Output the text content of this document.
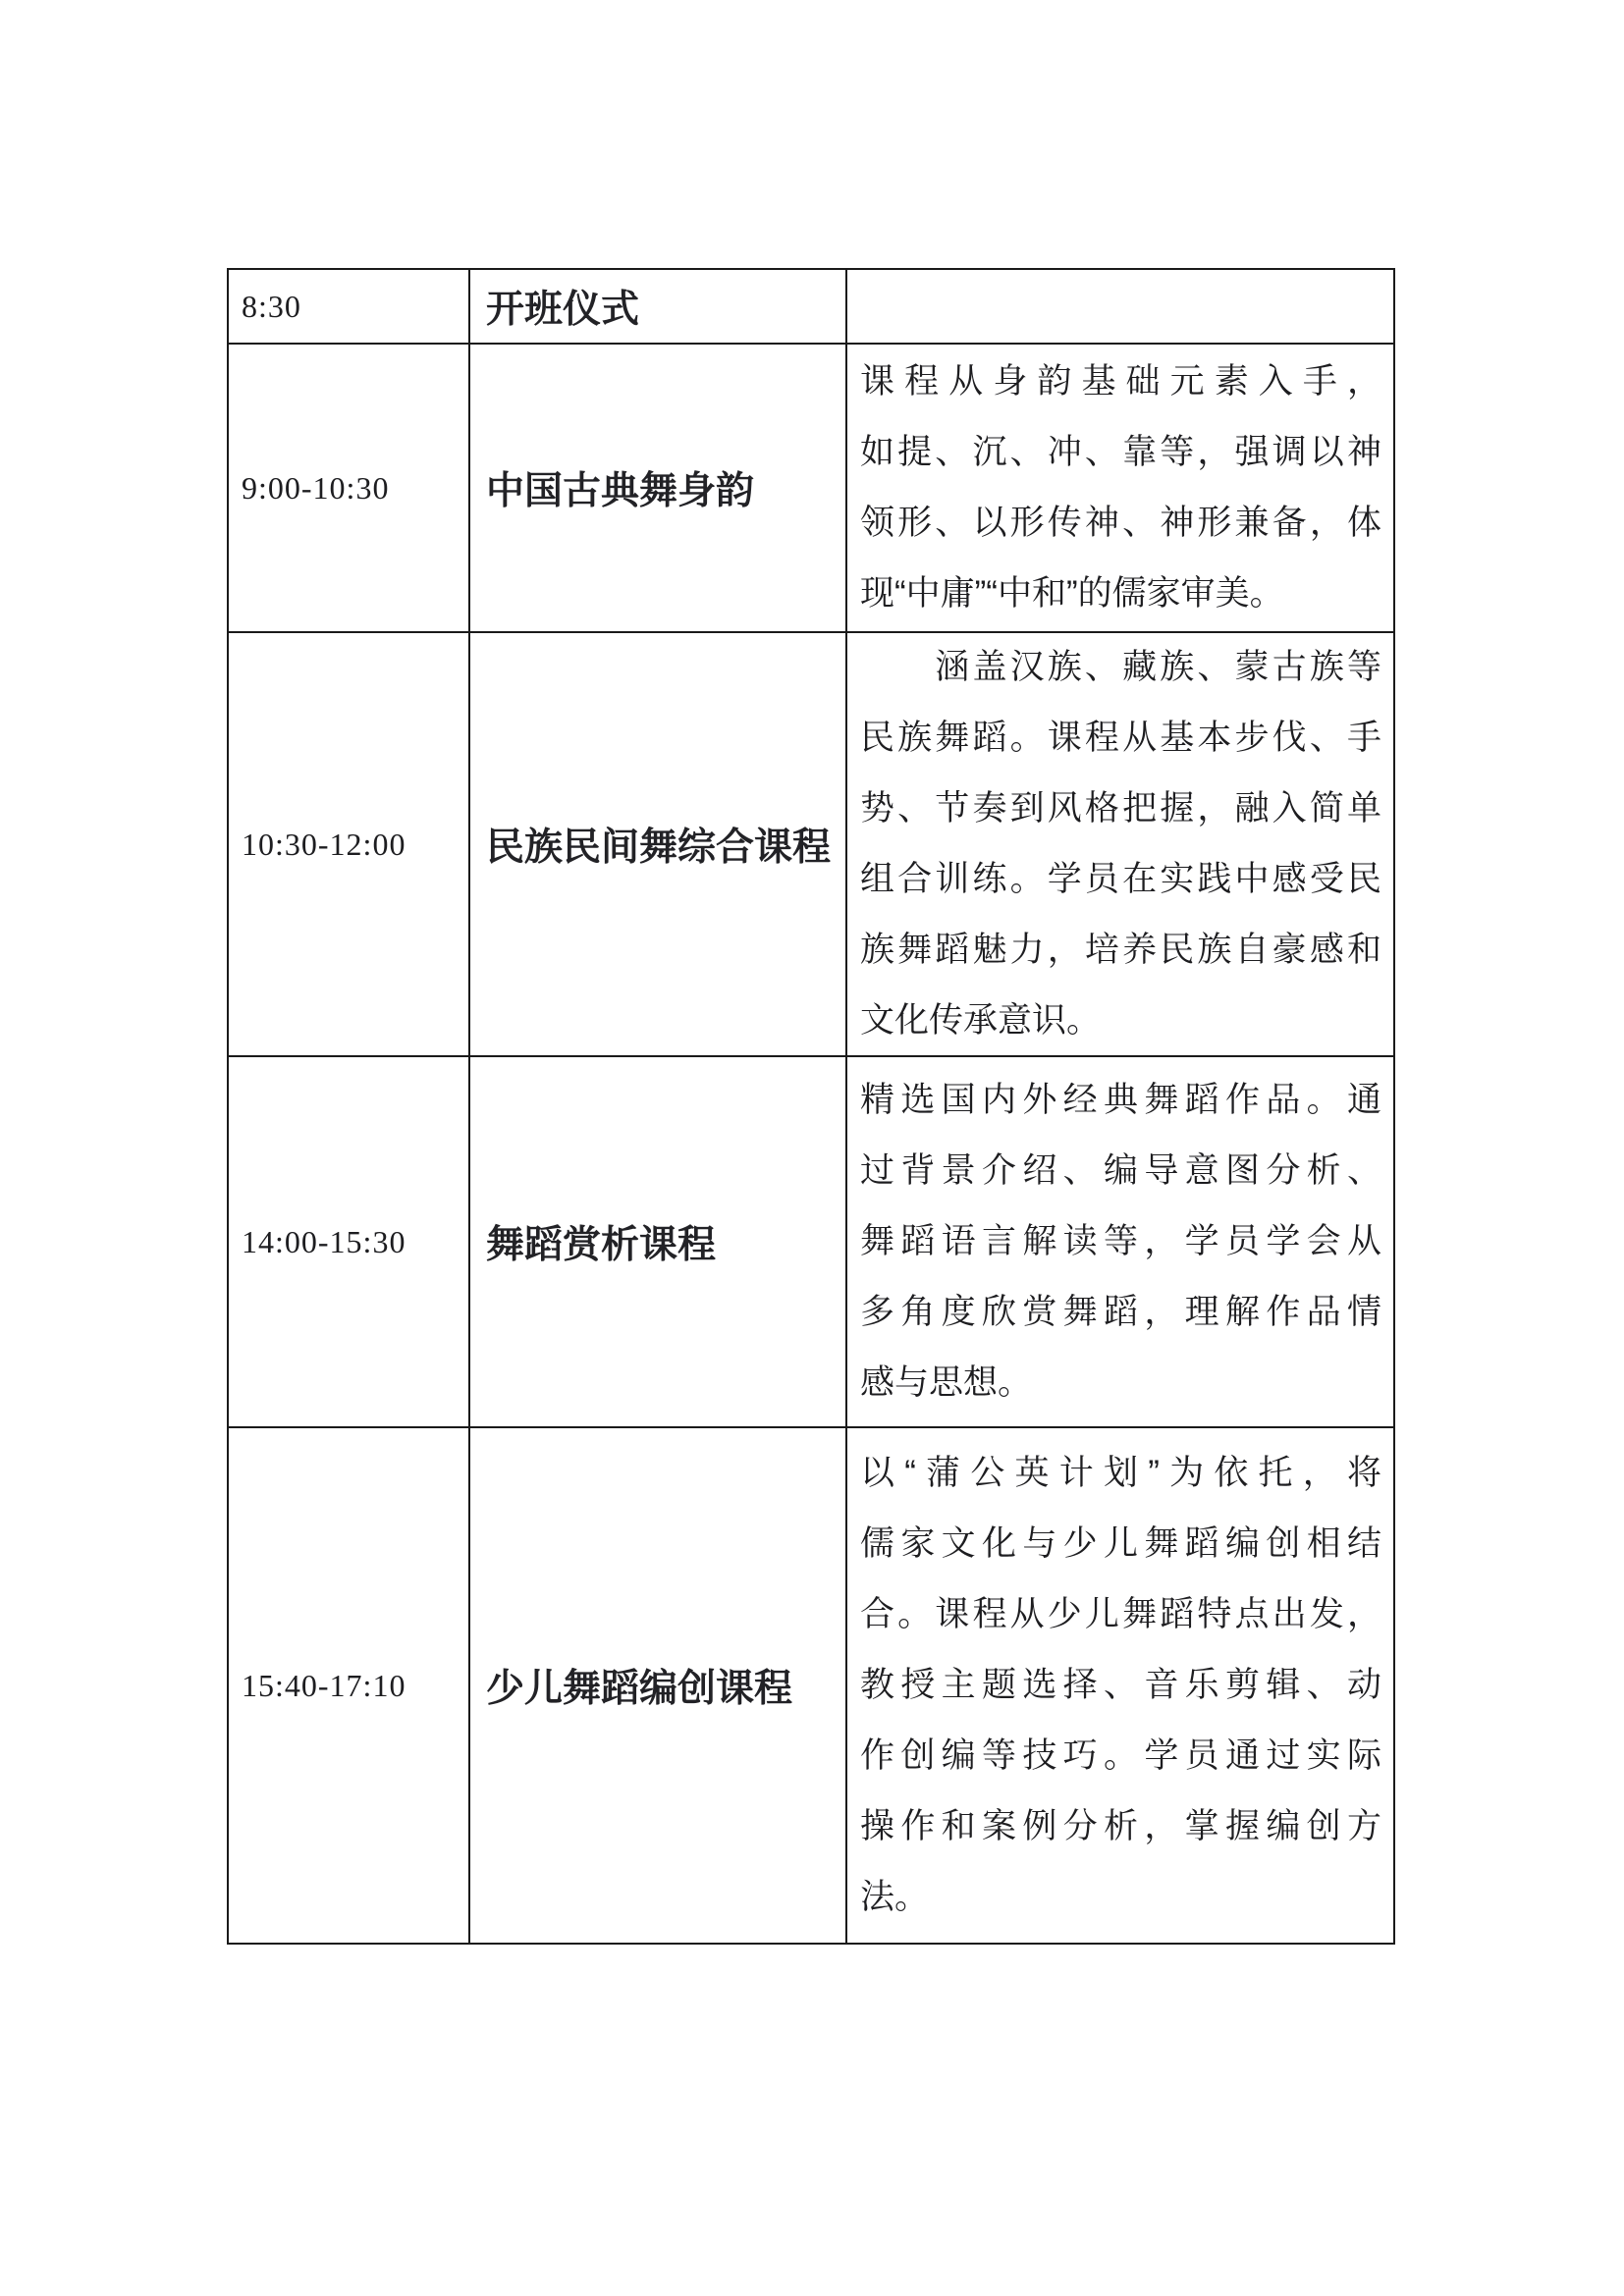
8:30	开班仪式
9:00-10:30	中国古典舞身韵
课程从身韵基础元素入手，
如提、沉、冲、靠等，强调以神
领形、以形传神、神形兼备，体
现“中庸”“中和”的儒家审美。
10:30-12:00 民族民间舞综合课程
　　涵盖汉族、藏族、蒙古族等
民族舞蹈。课程从基本步伐、手
势、节奏到风格把握，融入简单
组合训练。学员在实践中感受民
族舞蹈魅力，培养民族自豪感和
文化传承意识。
14:00-15:30 舞蹈赏析课程
精选国内外经典舞蹈作品。通
过背景介绍、编导意图分析、
舞蹈语言解读等，学员学会从
多角度欣赏舞蹈，理解作品情
感与思想。
15:40-17:10 少儿舞蹈编创课程
以“蒲公英计划”为依托，将
儒家文化与少儿舞蹈编创相结
合。课程从少儿舞蹈特点出发，
教授主题选择、音乐剪辑、动
作创编等技巧。学员通过实际
操作和案例分析，掌握编创方
法。
